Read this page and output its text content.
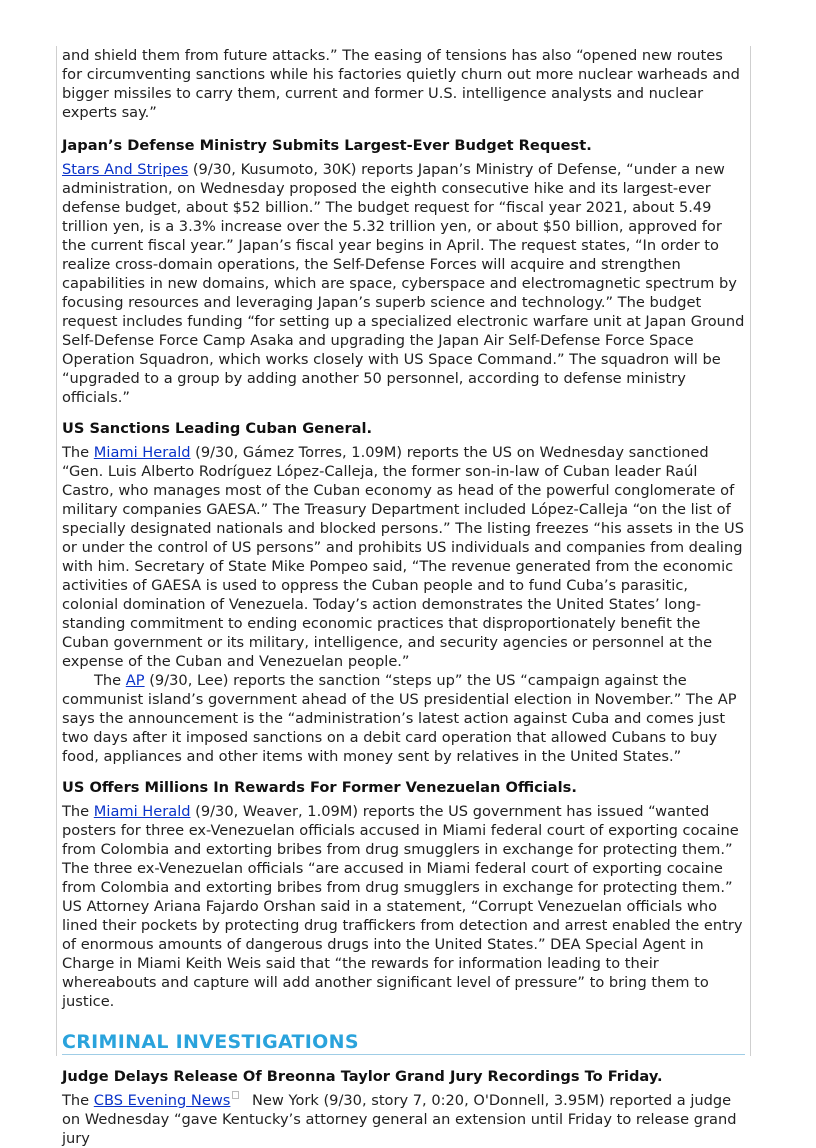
and shield them from future attacks.” The easing of tensions has also “opened new routes for circumventing sanctions while his factories quietly churn out more nuclear warheads and bigger missiles to carry them, current and former U.S. intelligence analysts and nuclear experts say.”

Japan’s Defense Ministry Submits Largest-Ever Budget Request.

Stars And Stripes (9/30, Kusumoto, 30K) reports Japan’s Ministry of Defense, “under a new administration, on Wednesday proposed the eighth consecutive hike and its largest-ever defense budget, about $52 billion.” The budget request for “fiscal year 2021, about 5.49 trillion yen, is a 3.3% increase over the 5.32 trillion yen, or about $50 billion, approved for the current fiscal year.” Japan’s fiscal year begins in April. The request states, “In order to realize cross-domain operations, the Self-Defense Forces will acquire and strengthen capabilities in new domains, which are space, cyberspace and electromagnetic spectrum by focusing resources and leveraging Japan’s superb science and technology.” The budget request includes funding “for setting up a specialized electronic warfare unit at Japan Ground Self-Defense Force Camp Asaka and upgrading the Japan Air Self-Defense Force Space Operation Squadron, which works closely with US Space Command.” The squadron will be “upgraded to a group by adding another 50 personnel, according to defense ministry officials.”

US Sanctions Leading Cuban General.

The Miami Herald (9/30, Gámez Torres, 1.09M) reports the US on Wednesday sanctioned “Gen. Luis Alberto Rodríguez López-Calleja, the former son-in-law of Cuban leader Raúl Castro, who manages most of the Cuban economy as head of the powerful conglomerate of military companies GAESA.” The Treasury Department included López-Calleja “on the list of specially designated nationals and blocked persons.” The listing freezes “his assets in the US or under the control of US persons” and prohibits US individuals and companies from dealing with him. Secretary of State Mike Pompeo said, “The revenue generated from the economic activities of GAESA is used to oppress the Cuban people and to fund Cuba’s parasitic, colonial domination of Venezuela. Today’s action demonstrates the United States’ long-standing commitment to ending economic practices that disproportionately benefit the Cuban government or its military, intelligence, and security agencies or personnel at the expense of the Cuban and Venezuelan people.”

The AP (9/30, Lee) reports the sanction “steps up” the US “campaign against the communist island’s government ahead of the US presidential election in November.” The AP says the announcement is the “administration’s latest action against Cuba and comes just two days after it imposed sanctions on a debit card operation that allowed Cubans to buy food, appliances and other items with money sent by relatives in the United States.”

US Offers Millions In Rewards For Former Venezuelan Officials.

The Miami Herald (9/30, Weaver, 1.09M) reports the US government has issued “wanted posters for three ex-Venezuelan officials accused in Miami federal court of exporting cocaine from Colombia and extorting bribes from drug smugglers in exchange for protecting them.” The three ex-Venezuelan officials “are accused in Miami federal court of exporting cocaine from Colombia and extorting bribes from drug smugglers in exchange for protecting them.” US Attorney Ariana Fajardo Orshan said in a statement, “Corrupt Venezuelan officials who lined their pockets by protecting drug traffickers from detection and arrest enabled the entry of enormous amounts of dangerous drugs into the United States.” DEA Special Agent in Charge in Miami Keith Weis said that “the rewards for information leading to their whereabouts and capture will add another significant level of pressure” to bring them to justice.

CRIMINAL INVESTIGATIONS
Judge Delays Release Of Breonna Taylor Grand Jury Recordings To Friday.

The CBS Evening News New York (9/30, story 7, 0:20, O'Donnell, 3.95M) reported a judge on Wednesday “gave Kentucky’s attorney general an extension until Friday to release grand jury
